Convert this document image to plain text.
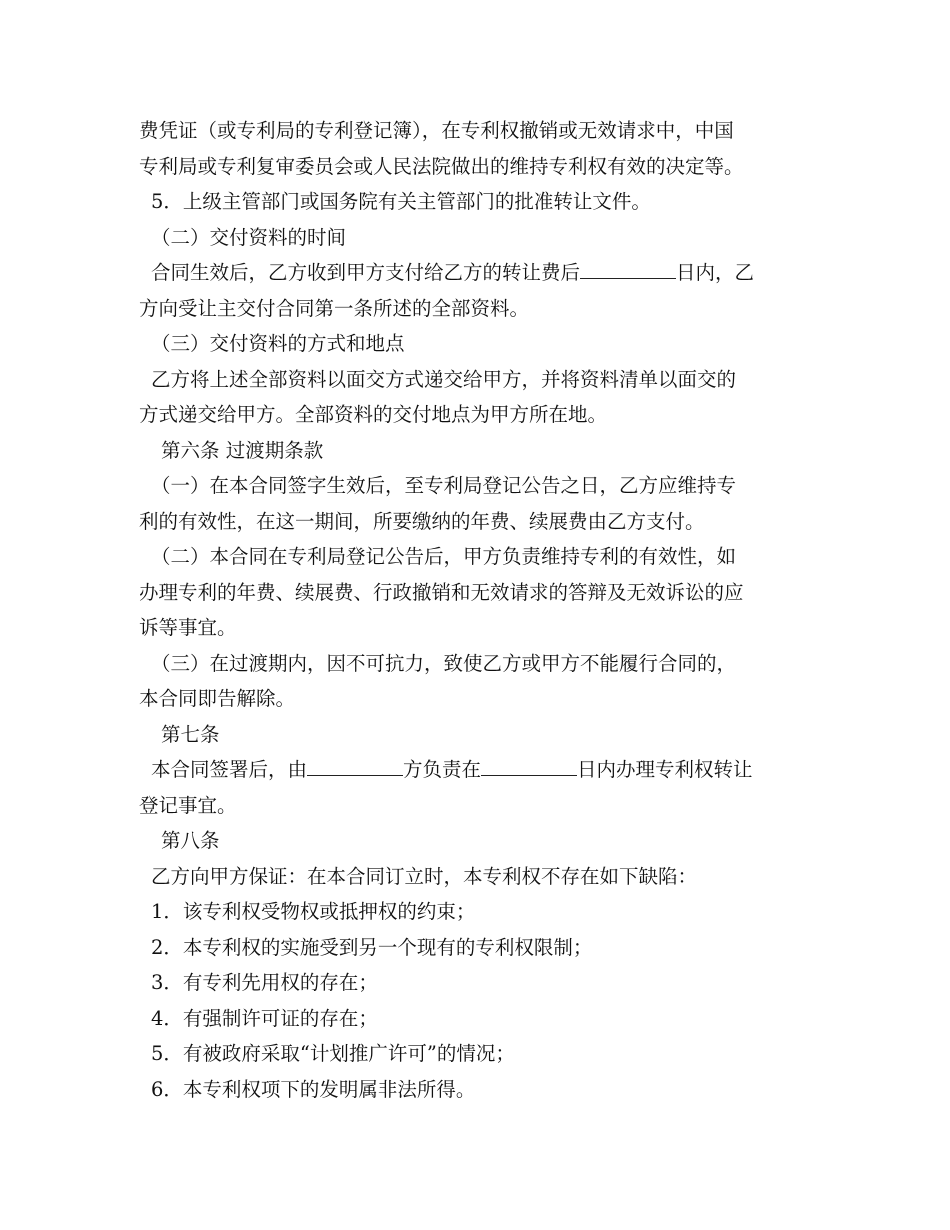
费凭证（或专利局的专利登记簿），在专利权撤销或无效请求中，中国

专利局或专利复审委员会或人民法院做出的维持专利权有效的决定等。

5．上级主管部门或国务院有关主管部门的批准转让文件。

（二）交付资料的时间

合同生效后，乙方收到甲方支付给乙方的转让费后	日内，乙

方向受让主交付合同第一条所述的全部资料。

（三）交付资料的方式和地点

乙方将上述全部资料以面交方式递交给甲方，并将资料清单以面交的

方式递交给甲方。全部资料的交付地点为甲方所在地。

第六条 过渡期条款

（一）在本合同签字生效后，至专利局登记公告之日，乙方应维持专

利的有效性，在这一期间，所要缴纳的年费、续展费由乙方支付。

（二）本合同在专利局登记公告后，甲方负责维持专利的有效性，如

办理专利的年费、续展费、行政撤销和无效请求的答辩及无效诉讼的应

诉等事宜。

（三）在过渡期内，因不可抗力，致使乙方或甲方不能履行合同的，

本合同即告解除。

第七条

本合同签署后，由	方负责在	日内办理专利权转让

登记事宜。

第八条

乙方向甲方保证：在本合同订立时，本专利权不存在如下缺陷：

1．该专利权受物权或抵押权的约束；

2．本专利权的实施受到另一个现有的专利权限制；

3．有专利先用权的存在；

4．有强制许可证的存在；

5．有被政府采取“计划推广许可”的情况；

6．本专利权项下的发明属非法所得。
